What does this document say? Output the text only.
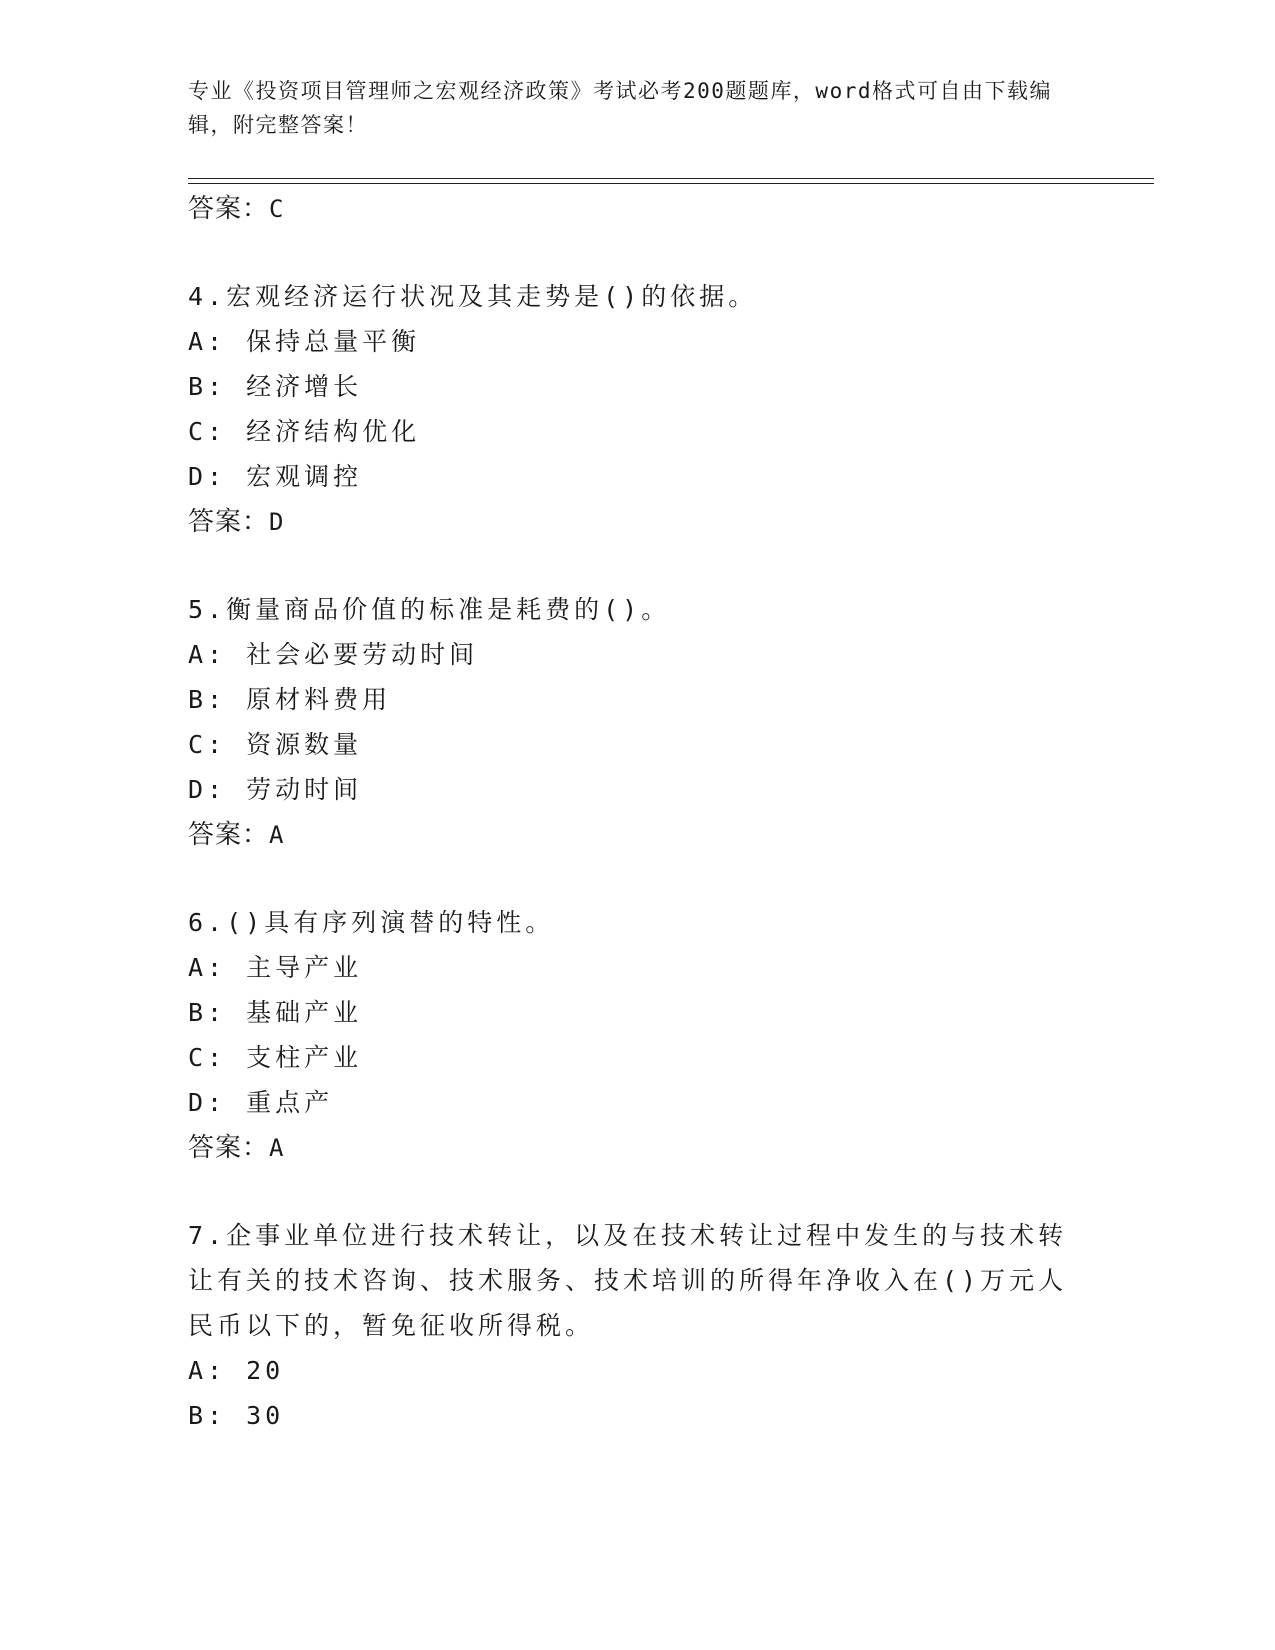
专业《投资项目管理师之宏观经济政策》考试必考200题题库，word格式可自由下载编辑，附完整答案！
答案：C
4.宏观经济运行状况及其走势是()的依据。
A: 保持总量平衡
B: 经济增长
C: 经济结构优化
D: 宏观调控
答案：D
5.衡量商品价值的标准是耗费的()。
A: 社会必要劳动时间
B: 原材料费用
C: 资源数量
D: 劳动时间
答案：A
6.()具有序列演替的特性。
A: 主导产业
B: 基础产业
C: 支柱产业
D: 重点产
答案：A
7.企事业单位进行技术转让，以及在技术转让过程中发生的与技术转让有关的技术咨询、技术服务、技术培训的所得年净收入在()万元人民币以下的，暂免征收所得税。
A: 20
B: 30
